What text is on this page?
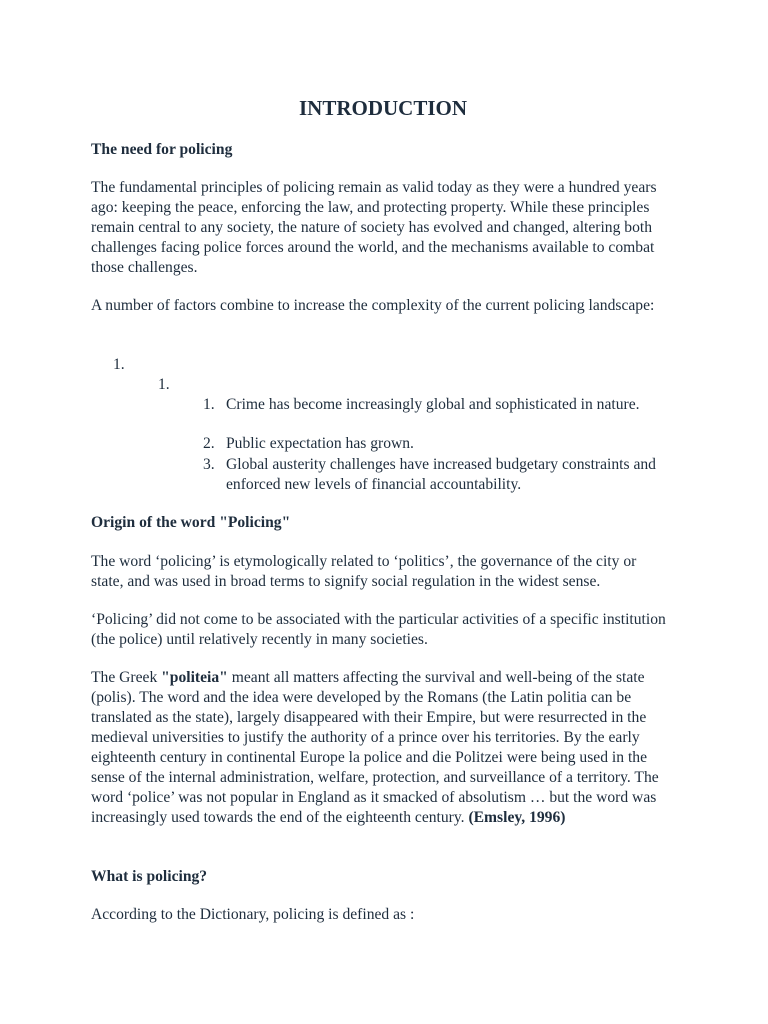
INTRODUCTION

The need for policing

The fundamental principles of policing remain as valid today as they were a hundred years ago: keeping the peace, enforcing the law, and protecting property. While these principles remain central to any society, the nature of society has evolved and changed, altering both challenges facing police forces around the world, and the mechanisms available to combat those challenges.

A number of factors combine to increase the complexity of the current policing landscape:

1.
1.
1. Crime has become increasingly global and sophisticated in nature.
2. Public expectation has grown.
3. Global austerity challenges have increased budgetary constraints and enforced new levels of financial accountability.

Origin of the word "Policing"

The word ‘policing’ is etymologically related to ‘politics’, the governance of the city or state, and was used in broad terms to signify social regulation in the widest sense.

‘Policing’ did not come to be associated with the particular activities of a specific institution (the police) until relatively recently in many societies.

The Greek "politeia" meant all matters affecting the survival and well-being of the state (polis). The word and the idea were developed by the Romans (the Latin politia can be translated as the state), largely disappeared with their Empire, but were resurrected in the medieval universities to justify the authority of a prince over his territories. By the early eighteenth century in continental Europe la police and die Politzei were being used in the sense of the internal administration, welfare, protection, and surveillance of a territory. The word ‘police’ was not popular in England as it smacked of absolutism … but the word was increasingly used towards the end of the eighteenth century. (Emsley, 1996)

What is policing?

According to the Dictionary, policing is defined as :
